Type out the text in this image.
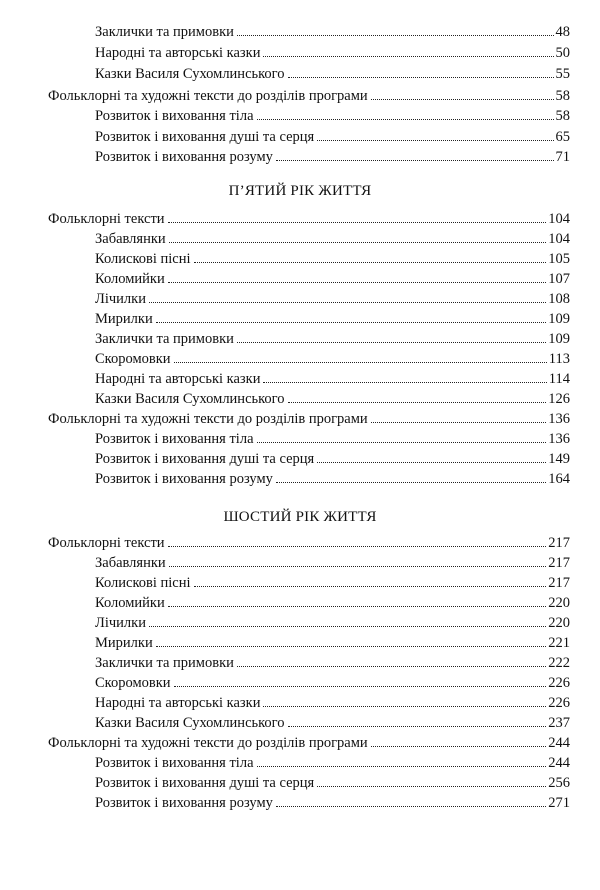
Заклички та примовки	48
Народні та авторські казки	50
Казки Василя Сухомлинського	55
Фольклорні та художні тексти до розділів програми	58
Розвиток і виховання тіла	58
Розвиток і виховання душі та серця	65
Розвиток і виховання розуму	71
П’ЯТИЙ РІК ЖИТТЯ
Фольклорні тексти	104
Забавлянки	104
Колискові пісні	105
Коломийки	107
Лічилки	108
Мирилки	109
Заклички та примовки	109
Скоромовки	113
Народні та авторські казки	114
Казки Василя Сухомлинського	126
Фольклорні та художні тексти до розділів програми	136
Розвиток і виховання тіла	136
Розвиток і виховання душі та серця	149
Розвиток і виховання розуму	164
ШОСТИЙ РІК ЖИТТЯ
Фольклорні тексти	217
Забавлянки	217
Колискові пісні	217
Коломийки	220
Лічилки	220
Мирилки	221
Заклички та примовки	222
Скоромовки	226
Народні та авторські казки	226
Казки Василя Сухомлинського	237
Фольклорні та художні тексти до розділів програми	244
Розвиток і виховання тіла	244
Розвиток і виховання душі та серця	256
Розвиток і виховання розуму	271
